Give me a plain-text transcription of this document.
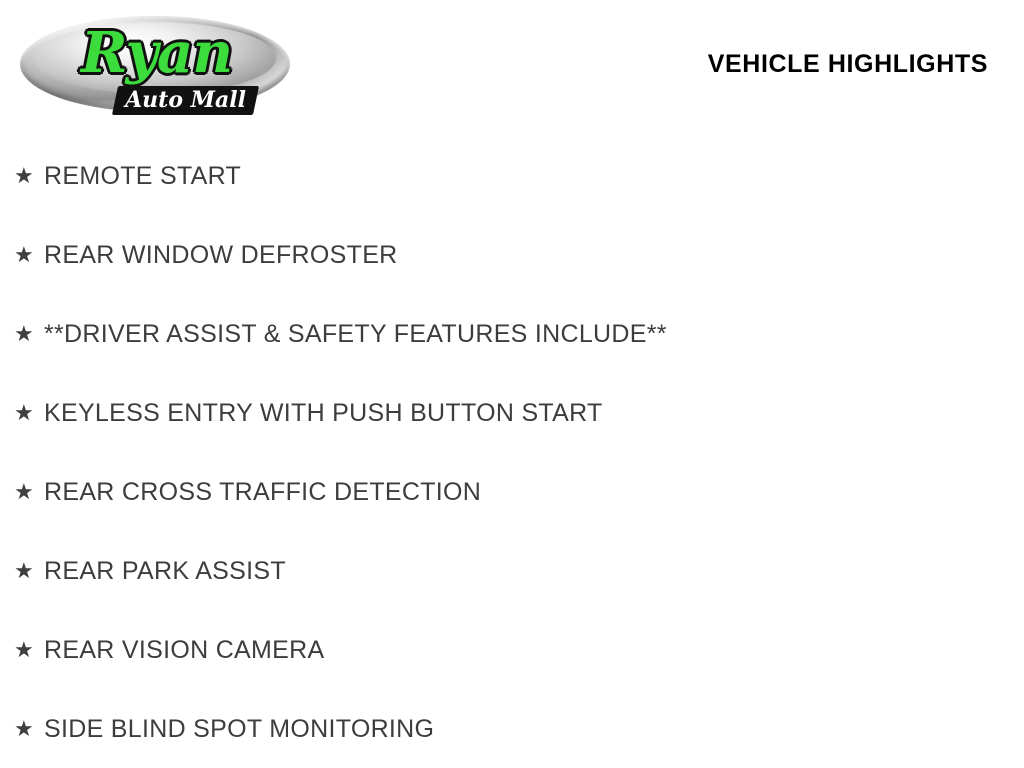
Ryan
Auto Mall
VEHICLE HIGHLIGHTS
★ REMOTE START
★ REAR WINDOW DEFROSTER
★ **DRIVER ASSIST & SAFETY FEATURES INCLUDE**
★ KEYLESS ENTRY WITH PUSH BUTTON START
★ REAR CROSS TRAFFIC DETECTION
★ REAR PARK ASSIST
★ REAR VISION CAMERA
★ SIDE BLIND SPOT MONITORING
